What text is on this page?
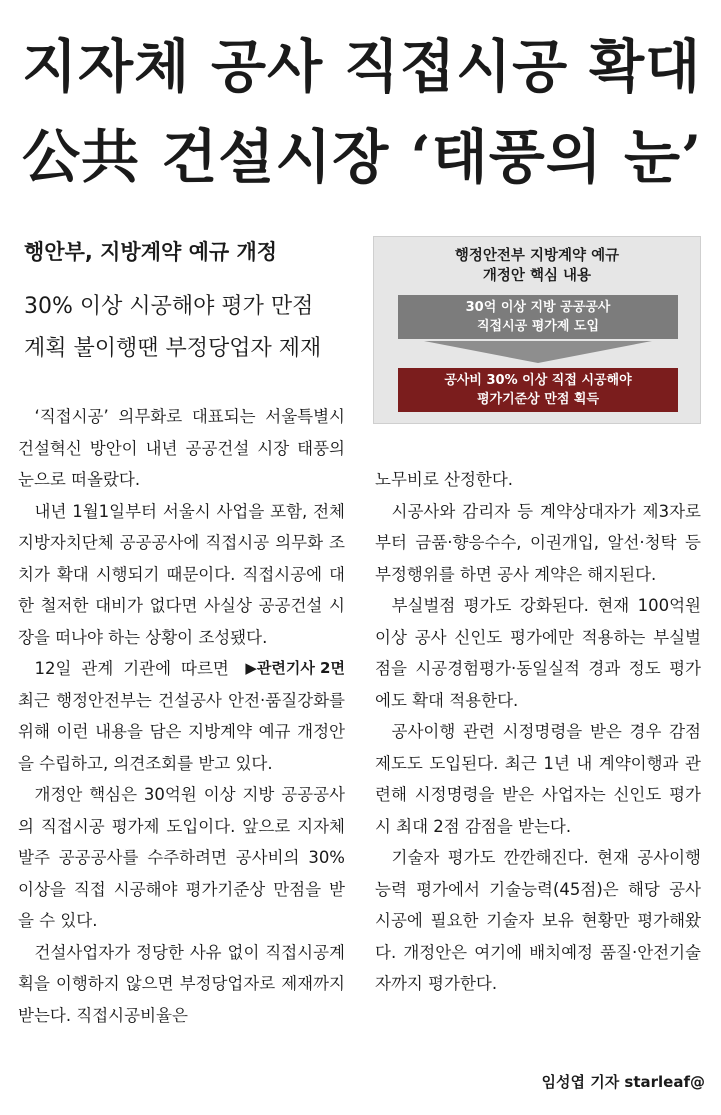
지자체 공사 직접시공 확대
公共 건설시장 ‘태풍의 눈’
행안부, 지방계약 예규 개정
30% 이상 시공해야 평가 만점
계획 불이행땐 부정당업자 제재
행정안전부 지방계약 예규
개정안 핵심 내용
30억 이상 지방 공공공사
직접시공 평가제 도입
공사비 30% 이상 직접 시공해야
평가기준상 만점 획득

‘직접시공’ 의무화로 대표되는 서울특별시 건설혁신 방안이 내년 공공건설 시장 태풍의 눈으로 떠올랐다.

내년 1월1일부터 서울시 사업을 포함, 전체 지방자치단체 공공공사에 직접시공 의무화 조치가 확대 시행되기 때문이다. 직접시공에 대한 철저한 대비가 없다면 사실상 공공건설 시장을 떠나야 하는 상황이 조성됐다.
▶관련기사 2면

12일 관계 기관에 따르면 최근 행정안전부는 건설공사 안전·품질강화를 위해 이런 내용을 담은 지방계약 예규 개정안을 수립하고, 의견조회를 받고 있다.

개정안 핵심은 30억원 이상 지방 공공공사의 직접시공 평가제 도입이다. 앞으로 지자체 발주 공공공사를 수주하려면 공사비의 30% 이상을 직접 시공해야 평가기준상 만점을 받을 수 있다.

건설사업자가 정당한 사유 없이 직접시공계획을 이행하지 않으면 부정당업자로 제재까지 받는다. 직접시공비율은

노무비로 산정한다.

시공사와 감리자 등 계약상대자가 제3자로부터 금품·향응수수, 이권개입, 알선·청탁 등 부정행위를 하면 공사 계약은 해지된다.

부실벌점 평가도 강화된다. 현재 100억원 이상 공사 신인도 평가에만 적용하는 부실벌점을 시공경험평가·동일실적 경과 정도 평가에도 확대 적용한다.

공사이행 관련 시정명령을 받은 경우 감점 제도도 도입된다. 최근 1년 내 계약이행과 관련해 시정명령을 받은 사업자는 신인도 평가 시 최대 2점 감점을 받는다.

기술자 평가도 깐깐해진다. 현재 공사이행능력 평가에서 기술능력(45점)은 해당 공사 시공에 필요한 기술자 보유 현황만 평가해왔다. 개정안은 여기에 배치예정 품질·안전기술자까지 평가한다.

임성엽 기자 starleaf@
